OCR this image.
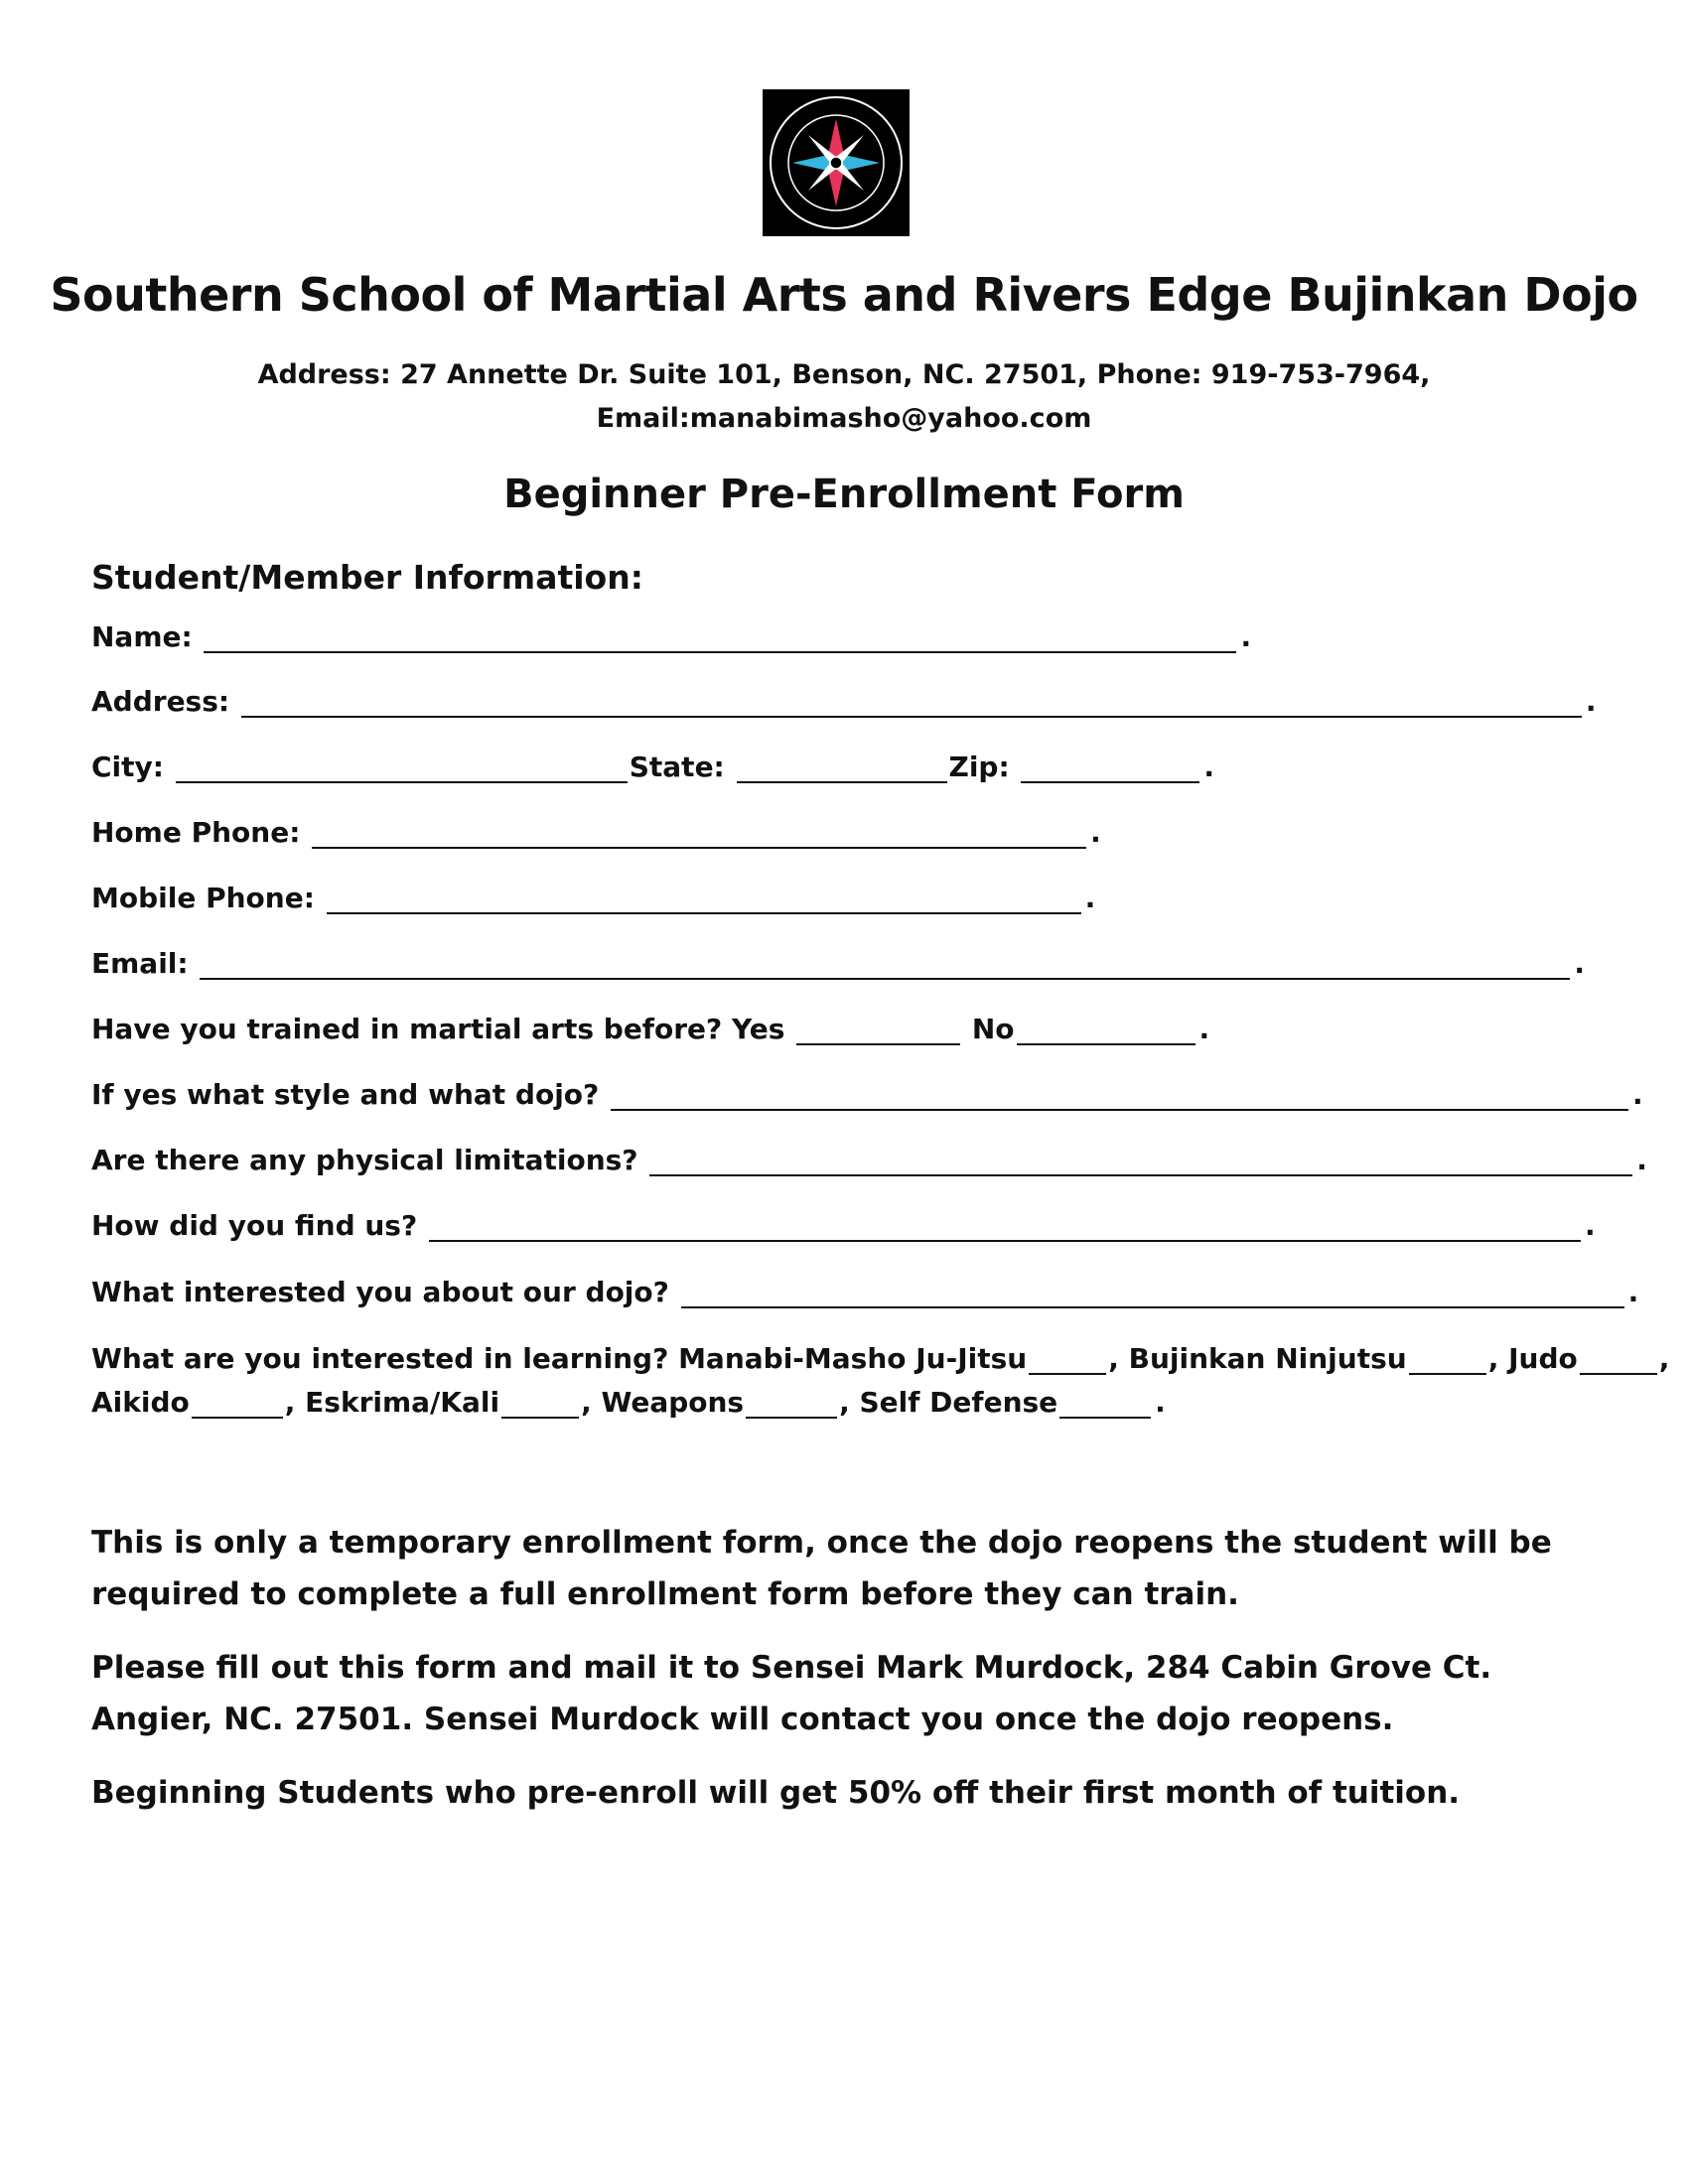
Southern School of Martial Arts and Rivers Edge Bujinkan Dojo
Address: 27 Annette Dr. Suite 101, Benson, NC. 27501, Phone: 919-753-7964,
Email:manabimasho@yahoo.com
Beginner Pre-Enrollment Form
Student/Member Information:
Name:	.
Address:	.
City:	State:	Zip:	.
Home Phone:	.
Mobile Phone:	.
Email:	.
Have you trained in martial arts before? Yes	No	.
If yes what style and what dojo?	.
Are there any physical limitations?	.
How did you find us?	.
What interested you about our dojo?	.
What are you interested in learning? Manabi-Masho Ju-Jitsu	, Bujinkan Ninjutsu	, Judo	,
Aikido	, Eskrima/Kali	, Weapons	, Self Defense	.
This is only a temporary enrollment form, once the dojo reopens the student will be required to complete a full enrollment form before they can train.
Please fill out this form and mail it to Sensei Mark Murdock, 284 Cabin Grove Ct. Angier, NC. 27501. Sensei Murdock will contact you once the dojo reopens.
Beginning Students who pre-enroll will get 50% off their first month of tuition.
